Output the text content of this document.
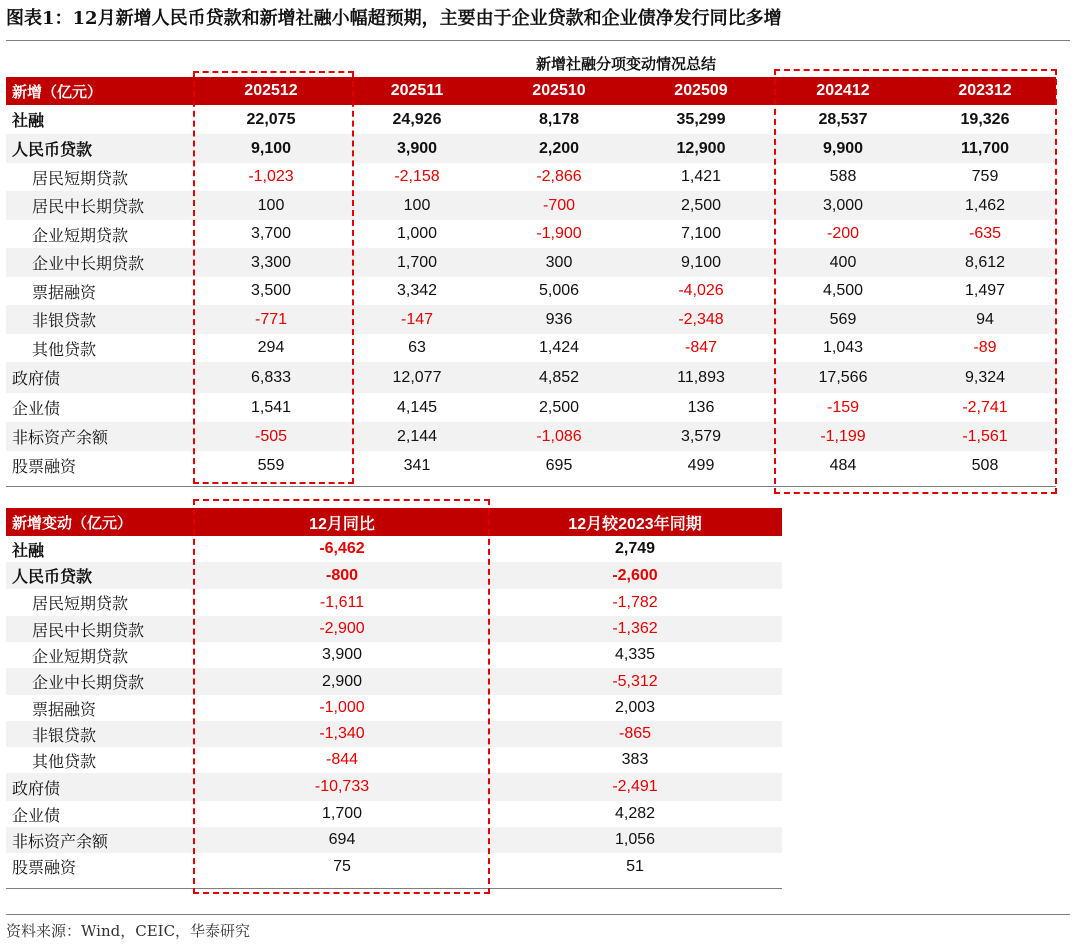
图表1：12月新增人民币贷款和新增社融小幅超预期，主要由于企业贷款和企业债净发行同比多增
新增社融分项变动情况总结
新增（亿元）	202512	202511	202510	202509	202412	202312
社融	22,075	24,926	8,178	35,299	28,537	19,326
人民币贷款	9,100	3,900	2,200	12,900	9,900	11,700
居民短期贷款	-1,023	-2,158	-2,866	1,421	588	759
居民中长期贷款	100	100	-700	2,500	3,000	1,462
企业短期贷款	3,700	1,000	-1,900	7,100	-200	-635
企业中长期贷款	3,300	1,700	300	9,100	400	8,612
票据融资	3,500	3,342	5,006	-4,026	4,500	1,497
非银贷款	-771	-147	936	-2,348	569	94
其他贷款	294	63	1,424	-847	1,043	-89
政府债	6,833	12,077	4,852	11,893	17,566	9,324
企业债	1,541	4,145	2,500	136	-159	-2,741
非标资产余额	-505	2,144	-1,086	3,579	-1,199	-1,561
股票融资	559	341	695	499	484	508
新增变动（亿元）	12月同比	12月较2023年同期
社融	-6,462	2,749
人民币贷款	-800	-2,600
居民短期贷款	-1,611	-1,782
居民中长期贷款	-2,900	-1,362
企业短期贷款	3,900	4,335
企业中长期贷款	2,900	-5,312
票据融资	-1,000	2,003
非银贷款	-1,340	-865
其他贷款	-844	383
政府债	-10,733	-2,491
企业债	1,700	4,282
非标资产余额	694	1,056
股票融资	75	51
资料来源：Wind，CEIC，华泰研究
